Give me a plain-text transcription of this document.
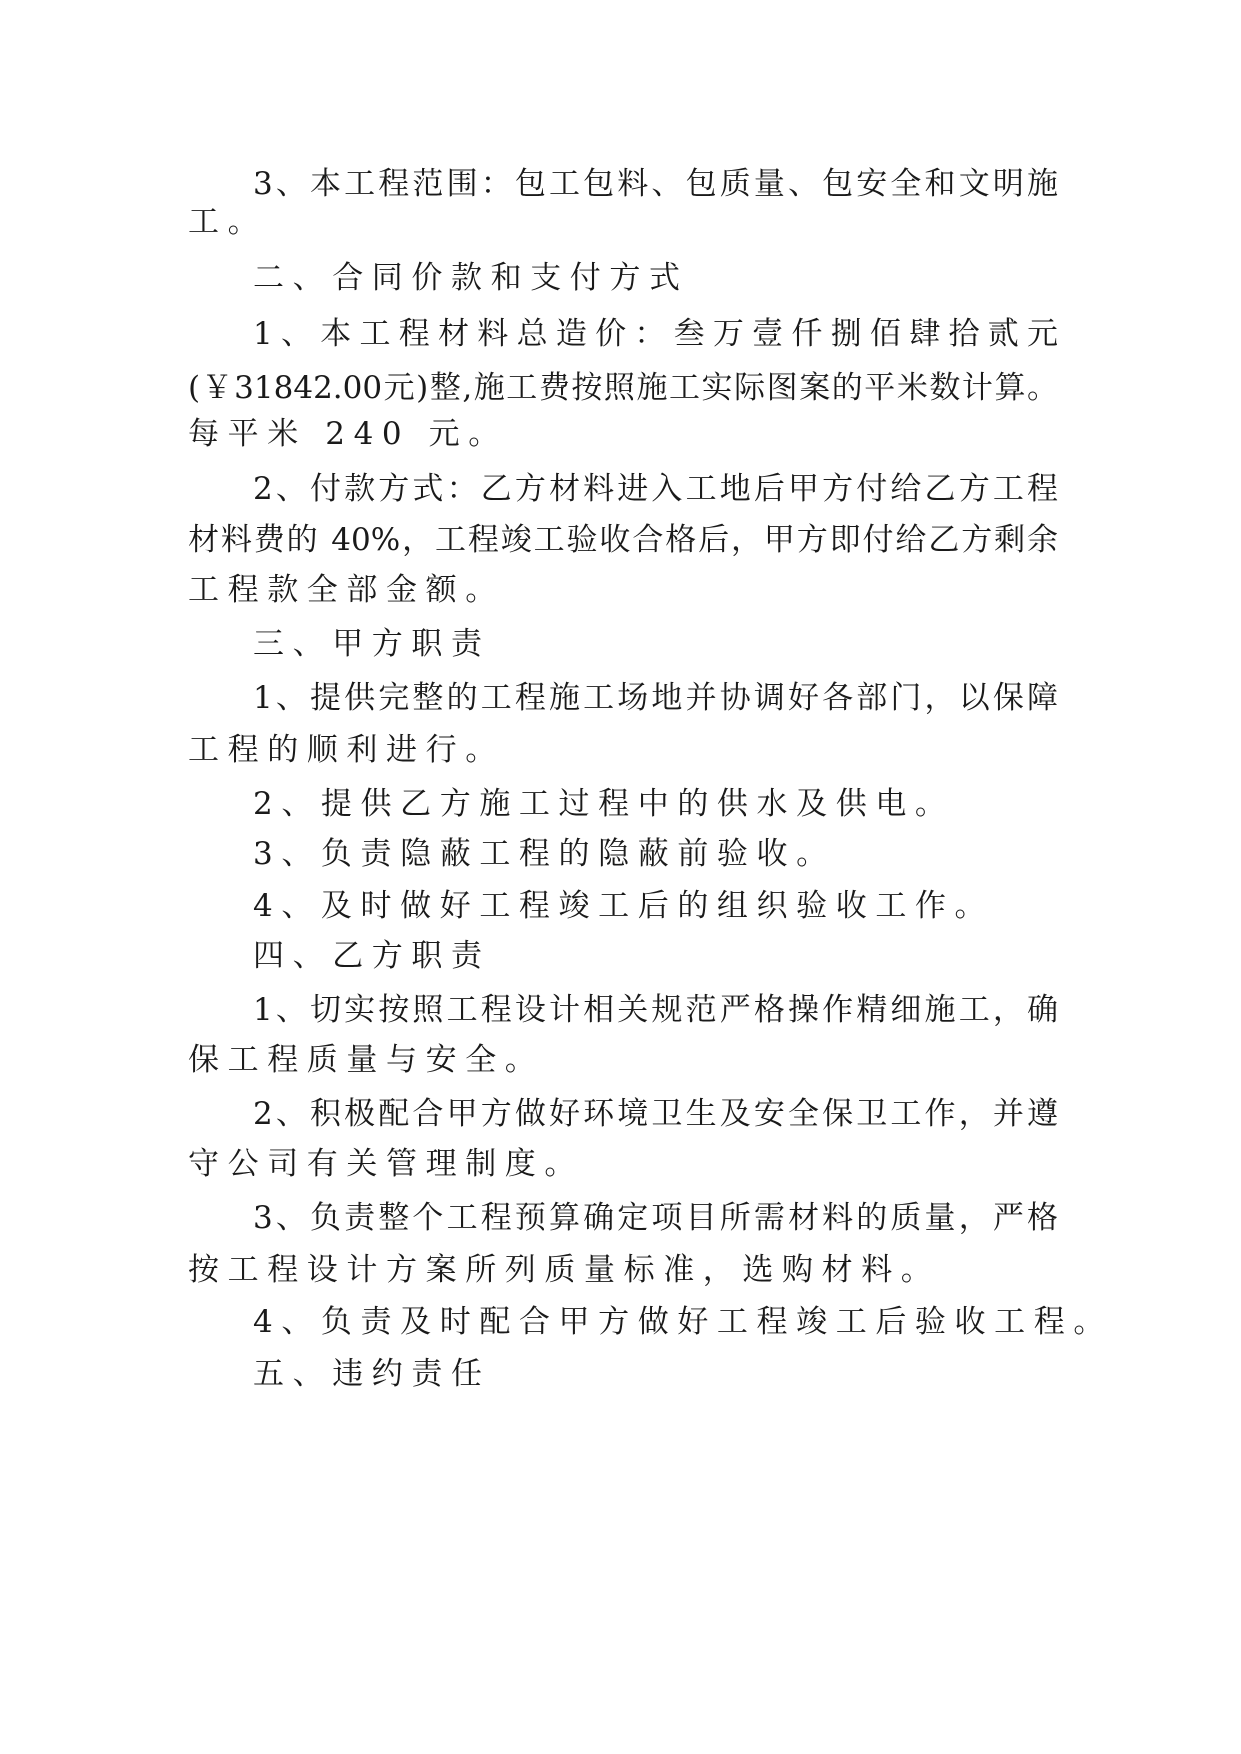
3、本工程范围：包工包料、包质量、包安全和文明施

工。

二、合同价款和支付方式

1、本工程材料总造价：叁万壹仟捌佰肆拾贰元

(￥31842.00元)整,施工费按照施工实际图案的平米数计算。

每平米 240 元。

2、付款方式：乙方材料进入工地后甲方付给乙方工程

材料费的 40%，工程竣工验收合格后，甲方即付给乙方剩余

工程款全部金额。

三、甲方职责

1、提供完整的工程施工场地并协调好各部门，以保障

工程的顺利进行。

2、提供乙方施工过程中的供水及供电。

3、负责隐蔽工程的隐蔽前验收。

4、及时做好工程竣工后的组织验收工作。

四、乙方职责

1、切实按照工程设计相关规范严格操作精细施工，确

保工程质量与安全。

2、积极配合甲方做好环境卫生及安全保卫工作，并遵

守公司有关管理制度。

3、负责整个工程预算确定项目所需材料的质量，严格

按工程设计方案所列质量标准，选购材料。

4、负责及时配合甲方做好工程竣工后验收工程。

五、违约责任
